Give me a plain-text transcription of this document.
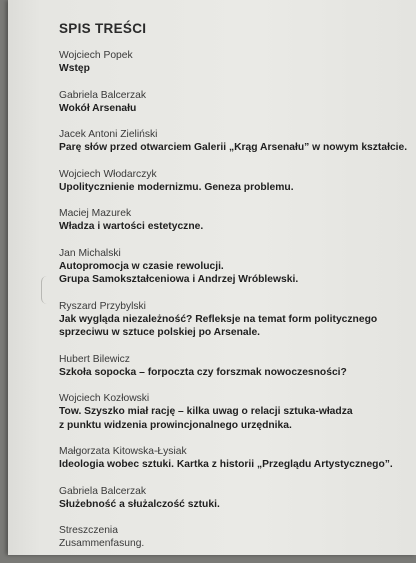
SPIS TREŚCI
Wojciech Popek
Wstęp
Gabriela Balcerzak
Wokół Arsenału
Jacek Antoni Zieliński
Parę słów przed otwarciem Galerii „Krąg Arsenału” w nowym kształcie.
Wojciech Włodarczyk
Upolitycznienie modernizmu. Geneza problemu.
Maciej Mazurek
Władza i wartości estetyczne.
Jan Michalski
Autopromocja w czasie rewolucji.
Grupa Samokształceniowa i Andrzej Wróblewski.
Ryszard Przybylski
Jak wygląda niezależność? Refleksje na temat form politycznego
sprzeciwu w sztuce polskiej po Arsenale.
Hubert Bilewicz
Szkoła sopocka – forpoczta czy forszmak nowoczesności?
Wojciech Kozłowski
Tow. Szyszko miał rację – kilka uwag o relacji sztuka-władza
z punktu widzenia prowincjonalnego urzędnika.
Małgorzata Kitowska-Łysiak
Ideologia wobec sztuki. Kartka z historii „Przeglądu Artystycznego”.
Gabriela Balcerzak
Służebność a służalczość sztuki.
Streszczenia
Zusammenfasung.
